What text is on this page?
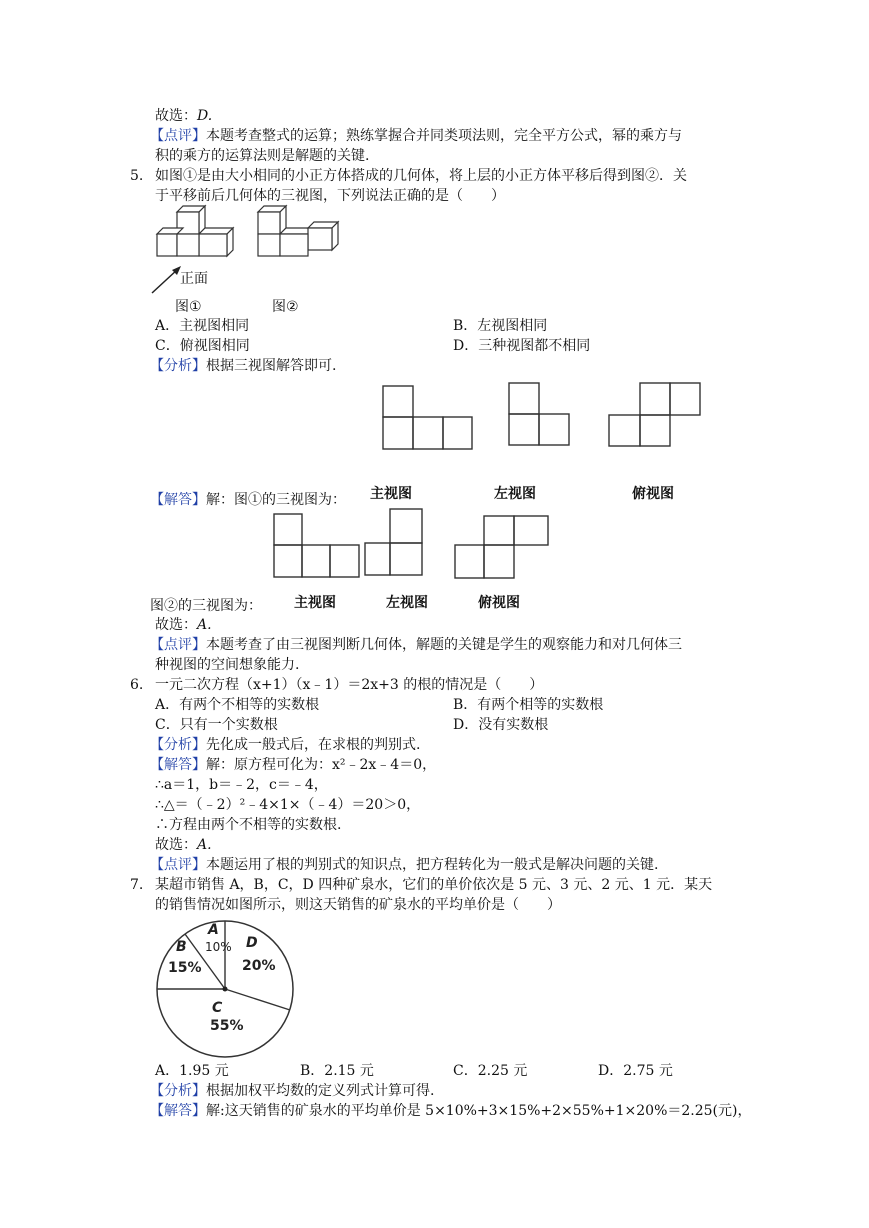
故选：D.
【点评】本题考查整式的运算；熟练掌握合并同类项法则，完全平方公式，幂的乘方与
积的乘方的运算法则是解题的关键.
5. 如图①是由大小相同的小正方体搭成的几何体，将上层的小正方体平移后得到图②．关
于平移前后几何体的三视图，下列说法正确的是（　　）
正面
图①	图②
A．主视图相同	B．左视图相同
C．俯视图相同	D．三种视图都不相同
【分析】根据三视图解答即可.
主视图	左视图	俯视图
【解答】解：图①的三视图为：
图②的三视图为： 主视图	左视图	俯视图
故选：A.
【点评】本题考查了由三视图判断几何体，解题的关键是学生的观察能力和对几何体三
种视图的空间想象能力.
6. 一元二次方程（x+1）（x﹣1）＝2x+3 的根的情况是（　　）
A．有两个不相等的实数根	B．有两个相等的实数根
C．只有一个实数根	D．没有实数根
【分析】先化成一般式后，在求根的判别式.
【解答】解：原方程可化为：x²﹣2x﹣4＝0，
∴a＝1，b＝﹣2，c＝﹣4，
∴△＝（﹣2）²﹣4×1×（﹣4）＝20＞0，
∴方程由两个不相等的实数根.
故选：A.
【点评】本题运用了根的判别式的知识点，把方程转化为一般式是解决问题的关键.
7. 某超市销售 A，B，C，D 四种矿泉水，它们的单价依次是 5 元、3 元、2 元、1 元．某天
的销售情况如图所示，则这天销售的矿泉水的平均单价是（　　）
A
10%
B
15%
C
55%
D
20%
A．1.95 元	B．2.15 元	C．2.25 元	D．2.75 元
【分析】根据加权平均数的定义列式计算可得.
【解答】解:这天销售的矿泉水的平均单价是 5×10%+3×15%+2×55%+1×20%＝2.25(元)，
